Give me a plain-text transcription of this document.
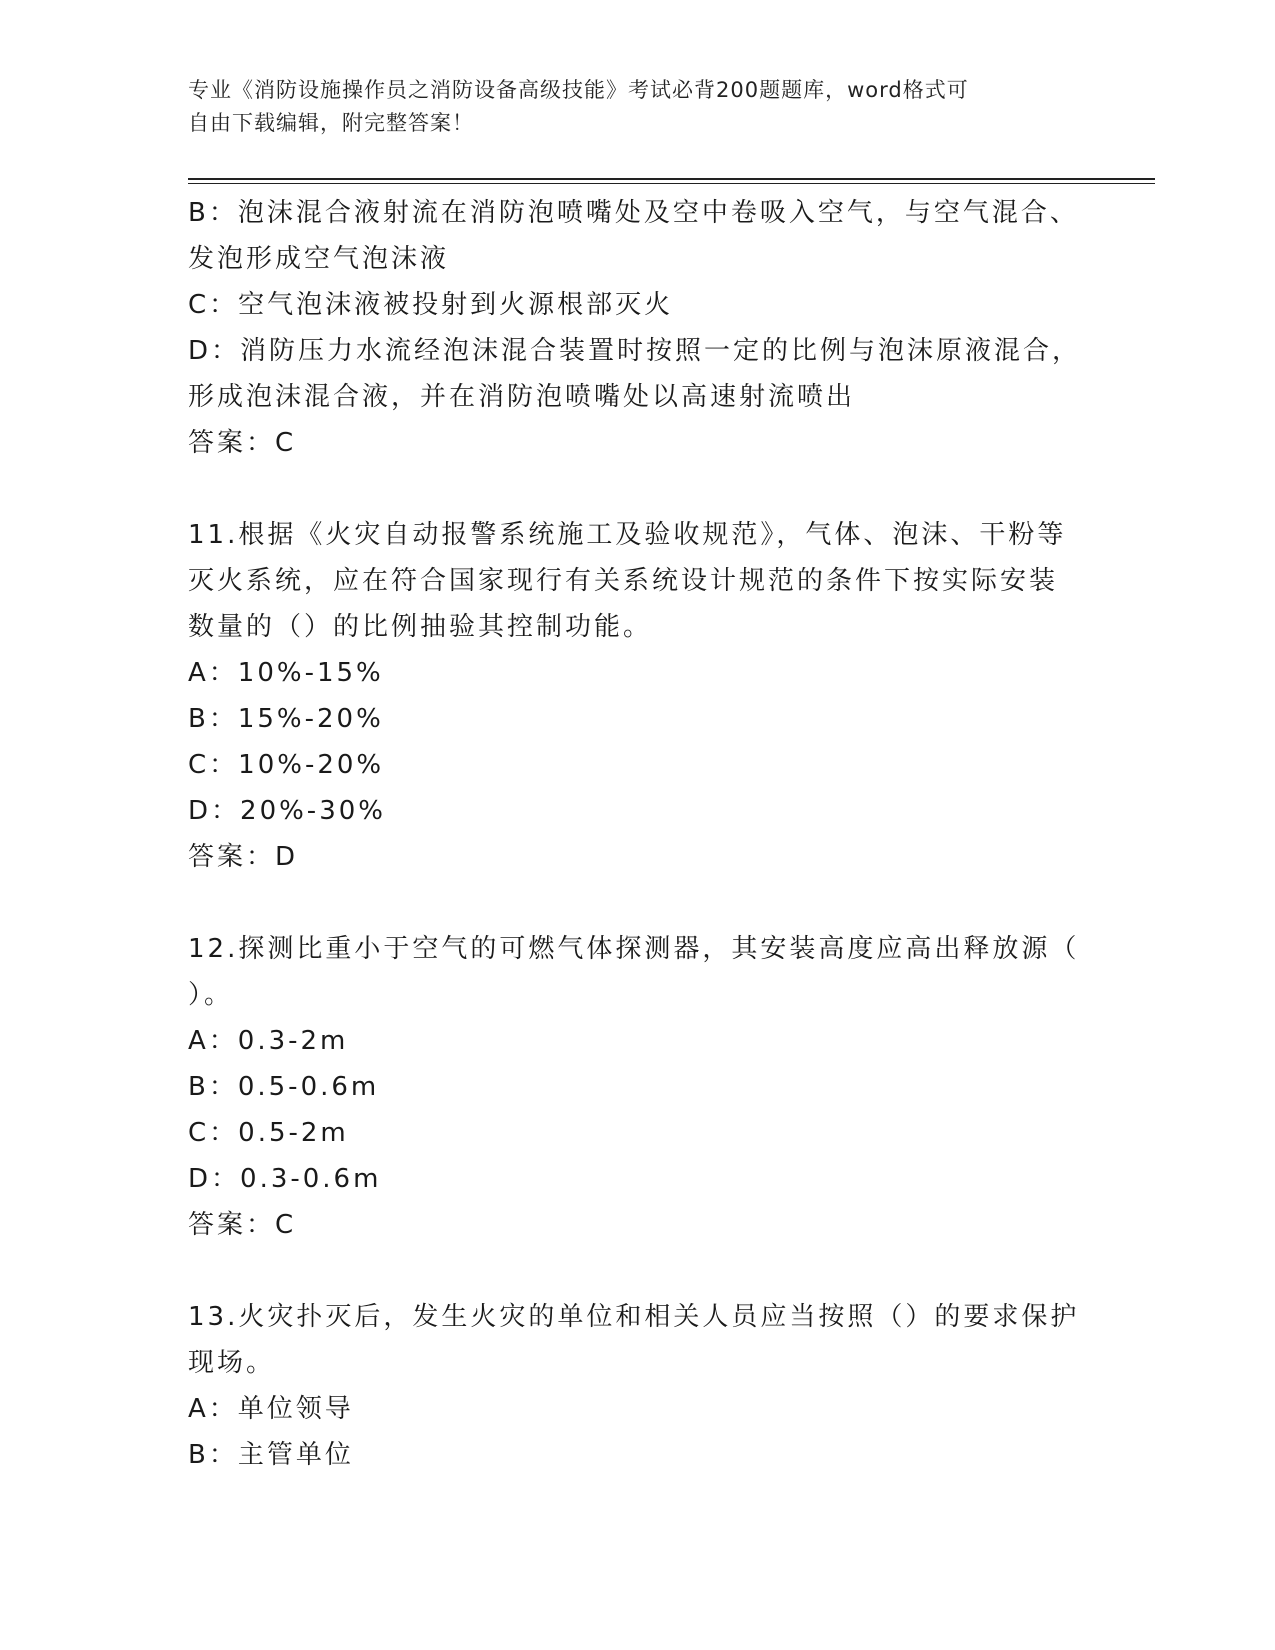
专业《消防设施操作员之消防设备高级技能》考试必背200题题库，word格式可
自由下载编辑，附完整答案！
B：泡沫混合液射流在消防泡喷嘴处及空中卷吸入空气，与空气混合、
发泡形成空气泡沫液
C：空气泡沫液被投射到火源根部灭火
D：消防压力水流经泡沫混合装置时按照一定的比例与泡沫原液混合，
形成泡沫混合液，并在消防泡喷嘴处以高速射流喷出
答案：C
11.根据《火灾自动报警系统施工及验收规范》，气体、泡沫、干粉等
灭火系统，应在符合国家现行有关系统设计规范的条件下按实际安装
数量的（）的比例抽验其控制功能。
A：10%-15%
B：15%-20%
C：10%-20%
D：20%-30%
答案：D
12.探测比重小于空气的可燃气体探测器，其安装高度应高出释放源（
）。
A：0.3-2m
B：0.5-0.6m
C：0.5-2m
D：0.3-0.6m
答案：C
13.火灾扑灭后，发生火灾的单位和相关人员应当按照（）的要求保护
现场。
A：单位领导
B：主管单位
